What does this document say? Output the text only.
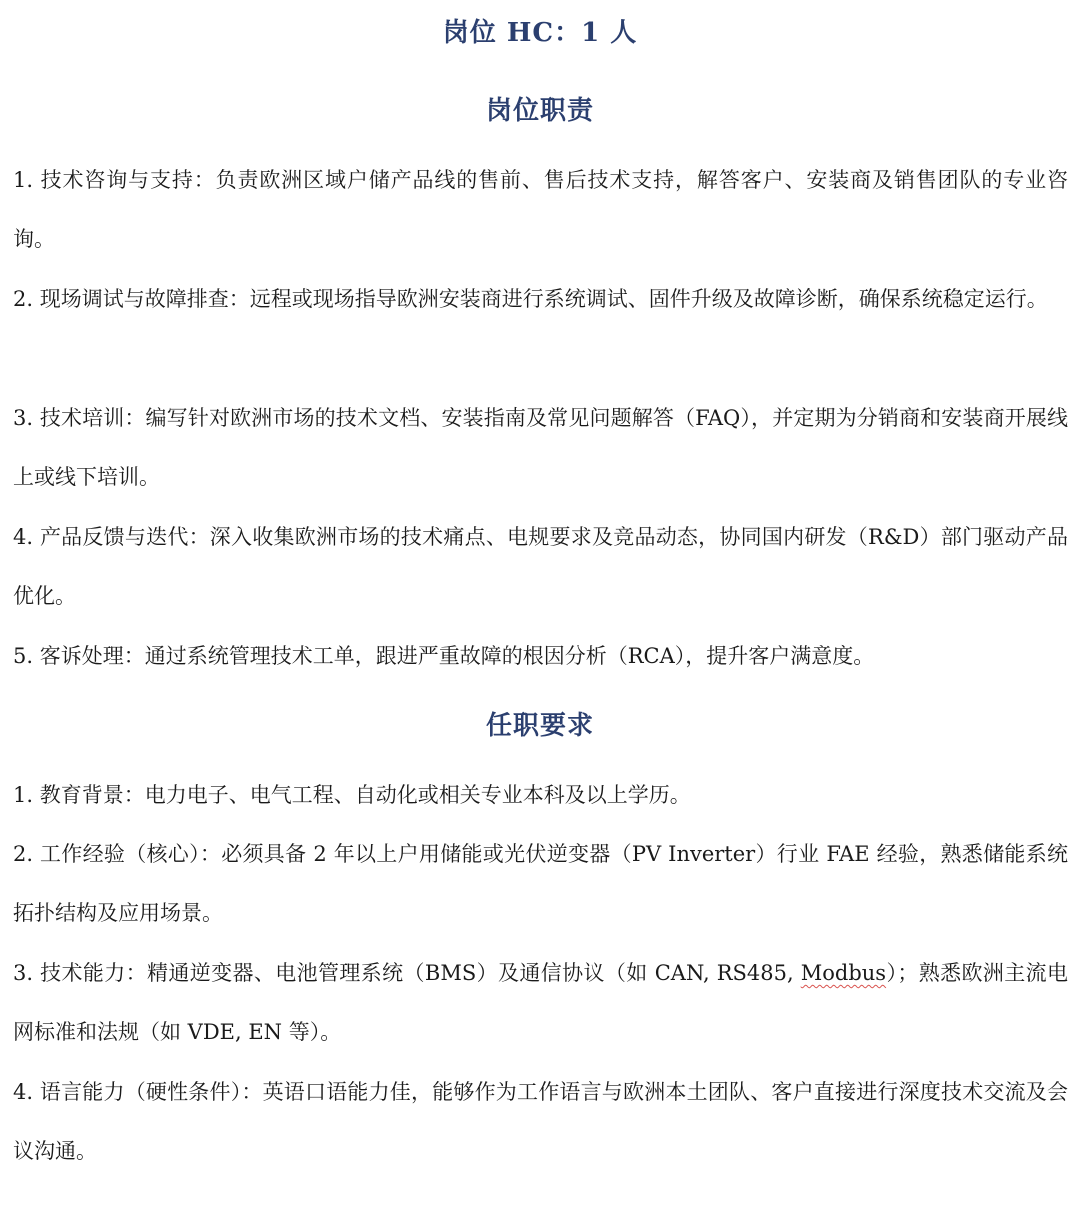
岗位 HC：1 人
岗位职责
1. 技术咨询与支持：负责欧洲区域户储产品线的售前、售后技术支持，解答客户、安装商及销售团队的专业咨询。
2. 现场调试与故障排查：远程或现场指导欧洲安装商进行系统调试、固件升级及故障诊断，确保系统稳定运行。
3. 技术培训：编写针对欧洲市场的技术文档、安装指南及常见问题解答（FAQ），并定期为分销商和安装商开展线上或线下培训。
4. 产品反馈与迭代：深入收集欧洲市场的技术痛点、电规要求及竞品动态，协同国内研发（R&D）部门驱动产品优化。
5. 客诉处理：通过系统管理技术工单，跟进严重故障的根因分析（RCA），提升客户满意度。
任职要求
1. 教育背景：电力电子、电气工程、自动化或相关专业本科及以上学历。
2. 工作经验（核心）：必须具备 2 年以上户用储能或光伏逆变器（PV Inverter）行业 FAE 经验，熟悉储能系统拓扑结构及应用场景。
3. 技术能力：精通逆变器、电池管理系统（BMS）及通信协议（如 CAN, RS485, Modbus）；熟悉欧洲主流电网标准和法规（如 VDE, EN 等）。
4. 语言能力（硬性条件）：英语口语能力佳，能够作为工作语言与欧洲本土团队、客户直接进行深度技术交流及会议沟通。
